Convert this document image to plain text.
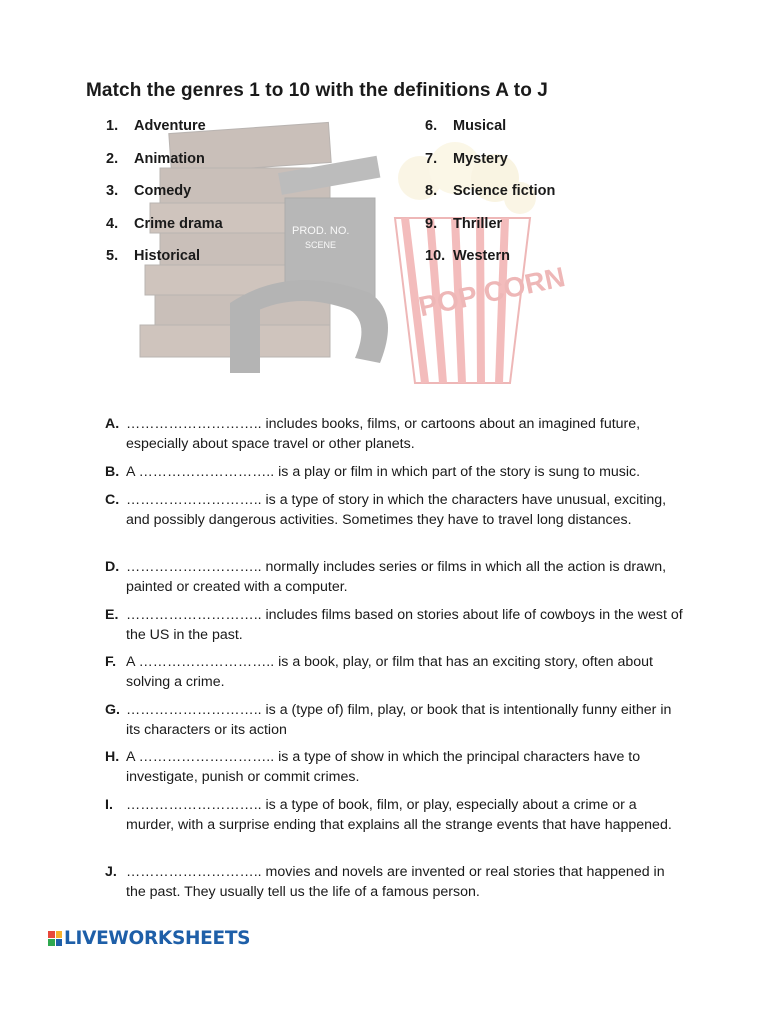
Match the genres 1 to 10 with the definitions A to J
PROD. NO.
SCENE
POP CORN
1. Adventure
2. Animation
3. Comedy
4. Crime drama
5. Historical
6. Musical
7. Mystery
8. Science fiction
9. Thriller
10. Western
A. ……………………….. includes books, films, or cartoons about an imagined future, especially about space travel or other planets.
B. A ……………………….. is a play or film in which part of the story is sung to music.
C. ……………………….. is a type of story in which the characters have unusual, exciting, and possibly dangerous activities. Sometimes they have to travel long distances.
D. ……………………….. normally includes series or films in which all the action is drawn, painted or created with a computer.
E. ……………………….. includes films based on stories about life of cowboys in the west of the US in the past.
F. A ……………………….. is a book, play, or film that has an exciting story, often about solving a crime.
G. ……………………….. is a (type of) film, play, or book that is intentionally funny either in its characters or its action
H. A ……………………….. is a type of show in which the principal characters have to investigate, punish or commit crimes.
I. ……………………….. is a type of book, film, or play, especially about a crime or a murder, with a surprise ending that explains all the strange events that have happened.
J. ……………………….. movies and novels are invented or real stories that happened in the past. They usually tell us the life of a famous person.
LIVEWORKSHEETS
